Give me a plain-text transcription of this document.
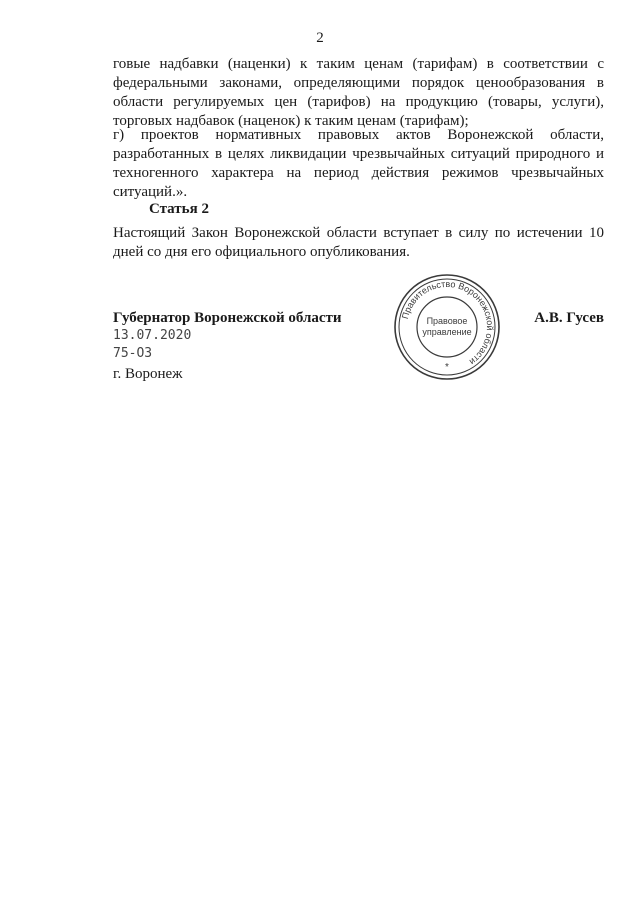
2

говые надбавки (наценки) к таким ценам (тарифам) в соответствии с федеральными законами, определяющими порядок ценообразования в области регулируемых цен (тарифов) на продукцию (товары, услуги), торговых надбавок (наценок) к таким ценам (тарифам);

г) проектов нормативных правовых актов Воронежской области, разработанных в целях ликвидации чрезвычайных ситуаций природного и техногенного характера на период действия режимов чрезвычайных ситуаций.».

Статья 2

Настоящий Закон Воронежской области вступает в силу по истечении 10 дней со дня его официального опубликования.

Губернатор Воронежской области	Правительство Воронежской области
Правовое
управление
*

А.В. Гусев

13.07.2020

75-ОЗ

г. Воронеж
